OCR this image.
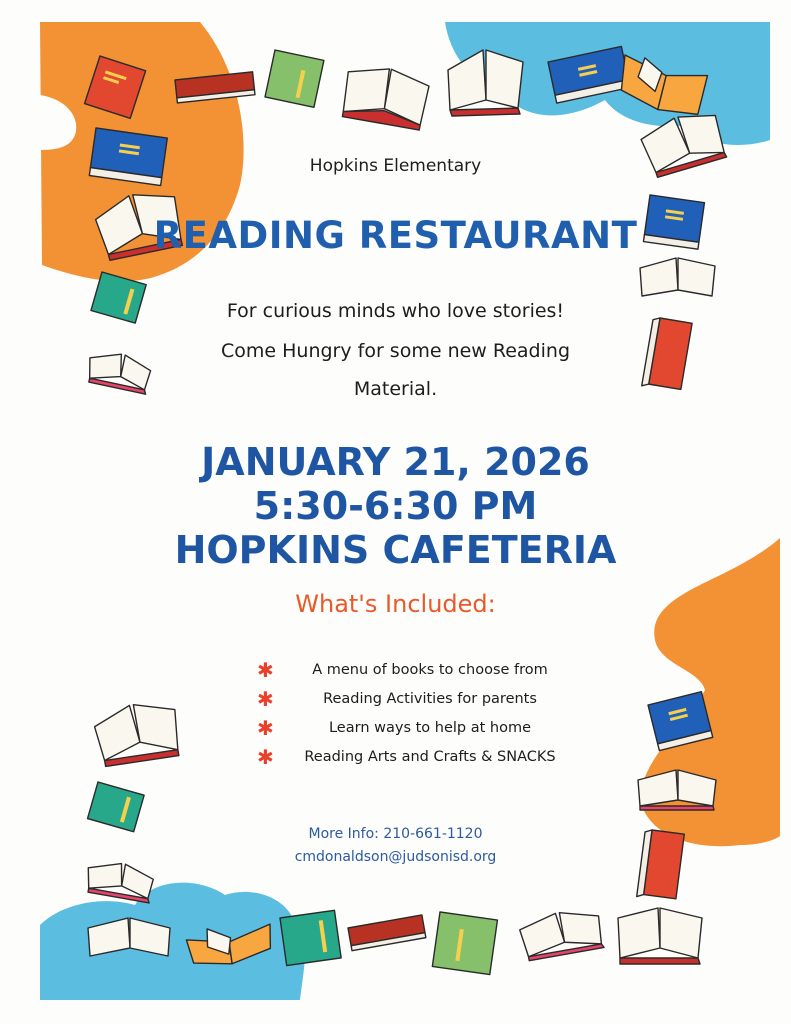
Hopkins Elementary

READING RESTAURANT

For curious minds who love stories!

Come Hungry for some new Reading

Material.

JANUARY 21, 2026

5:30-6:30 PM

HOPKINS CAFETERIA

What's Included:

✱	A menu of books to choose from
✱	Reading Activities for parents
✱	Learn ways to help at home
✱	Reading Arts and Crafts & SNACKS

More Info: 210-661-1120

cmdonaldson@judsonisd.org
